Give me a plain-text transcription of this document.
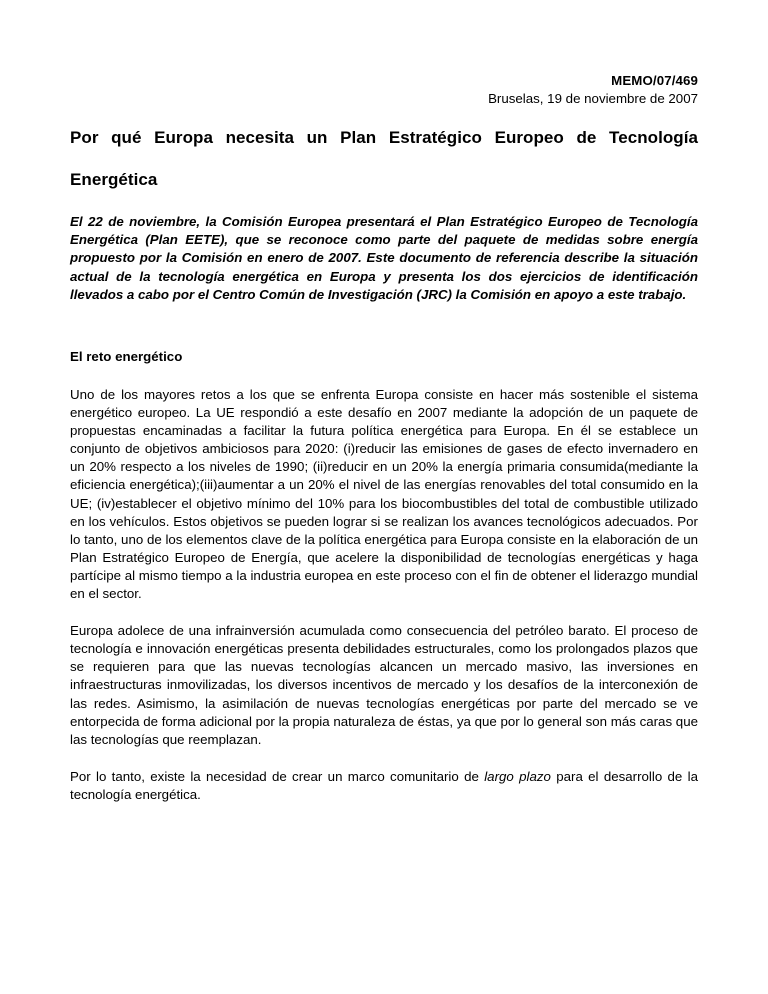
MEMO/07/469
Bruselas, 19 de noviembre de 2007
Por qué Europa necesita un Plan Estratégico Europeo de Tecnología
Energética

El 22 de noviembre, la Comisión Europea presentará el Plan Estratégico Europeo de Tecnología Energética (Plan EETE), que se reconoce como parte del paquete de medidas sobre energía propuesto por la Comisión en enero de 2007. Este documento de referencia describe la situación actual de la tecnología energética en Europa y presenta los dos ejercicios de identificación llevados a cabo por el Centro Común de Investigación (JRC) la Comisión en apoyo a este trabajo.

El reto energético

Uno de los mayores retos a los que se enfrenta Europa consiste en hacer más sostenible el sistema energético europeo. La UE respondió a este desafío en 2007 mediante la adopción de un paquete de propuestas encaminadas a facilitar la futura política energética para Europa. En él se establece un conjunto de objetivos ambiciosos para 2020: (i)reducir las emisiones de gases de efecto invernadero en un 20% respecto a los niveles de 1990; (ii)reducir en un 20% la energía primaria consumida(mediante la eficiencia energética);(iii)aumentar a un 20% el nivel de las energías renovables del total consumido en la UE; (iv)establecer el objetivo mínimo del 10% para los biocombustibles del total de combustible utilizado en los vehículos. Estos objetivos se pueden lograr si se realizan los avances tecnológicos adecuados. Por lo tanto, uno de los elementos clave de la política energética para Europa consiste en la elaboración de un Plan Estratégico Europeo de Energía, que acelere la disponibilidad de tecnologías energéticas y haga partícipe al mismo tiempo a la industria europea en este proceso con el fin de obtener el liderazgo mundial en el sector.

Europa adolece de una infrainversión acumulada como consecuencia del petróleo barato. El proceso de tecnología e innovación energéticas presenta debilidades estructurales, como los prolongados plazos que se requieren para que las nuevas tecnologías alcancen un mercado masivo, las inversiones en infraestructuras inmovilizadas, los diversos incentivos de mercado y los desafíos de la interconexión de las redes. Asimismo, la asimilación de nuevas tecnologías energéticas por parte del mercado se ve entorpecida de forma adicional por la propia naturaleza de éstas, ya que por lo general son más caras que las tecnologías que reemplazan.

Por lo tanto, existe la necesidad de crear un marco comunitario de largo plazo para el desarrollo de la tecnología energética.
